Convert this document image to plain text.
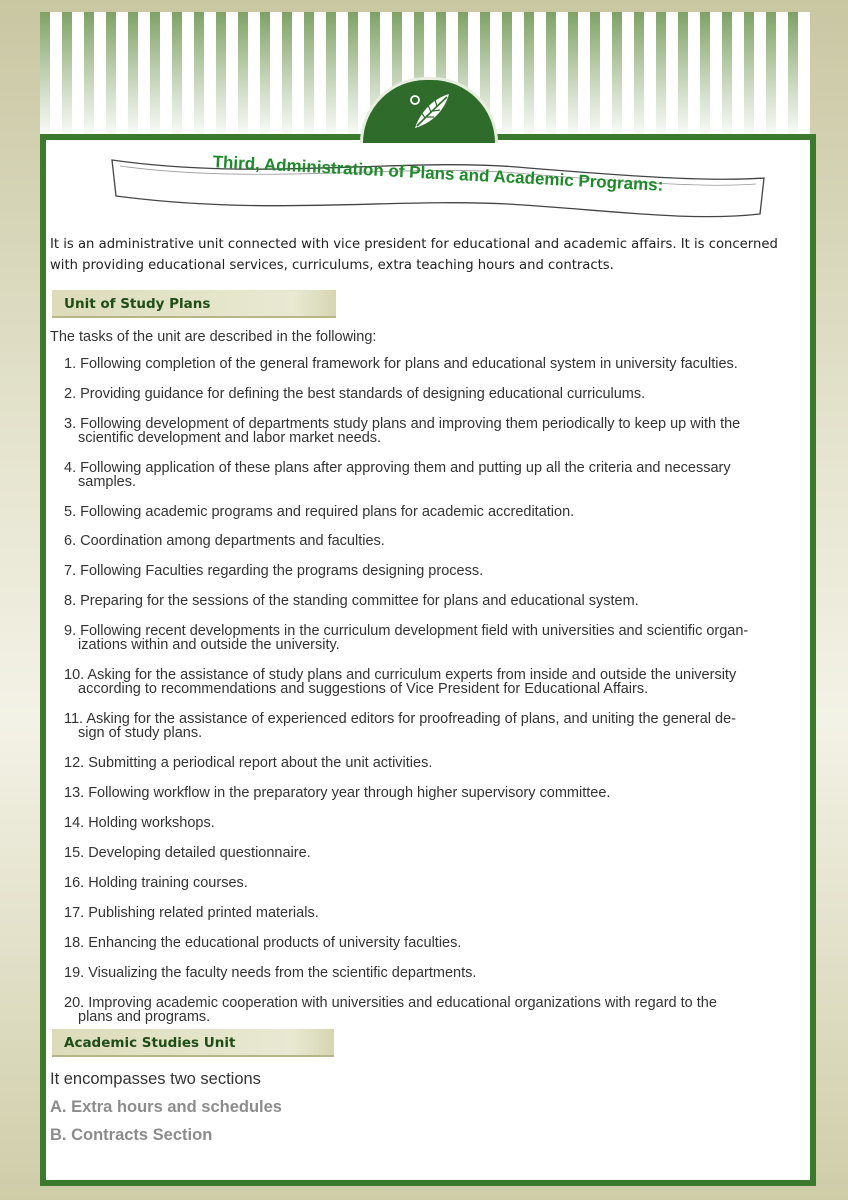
Third, Administration of Plans and Academic Programs:
It is an administrative unit connected with vice president for educational and academic affairs. It is concerned
with providing educational services, curriculums, extra teaching hours and contracts.
Unit of Study Plans
The tasks of the unit are described in the following:
1. Following completion of the general framework for plans and educational system in university faculties.
2. Providing guidance for defining the best standards of designing educational curriculums.
3. Following development of departments study plans and improving them periodically to keep up with the
scientific development and labor market needs.
4. Following application of these plans after approving them and putting up all the criteria and necessary
samples.
5. Following academic programs and required plans for academic accreditation.
6. Coordination among departments and faculties.
7. Following Faculties regarding the programs designing process.
8. Preparing for the sessions of the standing committee for plans and educational system.
9. Following recent developments in the curriculum development field with universities and scientific organ-
izations within and outside the university.
10. Asking for the assistance of study plans and curriculum experts from inside and outside the university
according to recommendations and suggestions of Vice President for Educational Affairs.
11. Asking for the assistance of experienced editors for proofreading of plans, and uniting the general de-
sign of study plans.
12. Submitting a periodical report about the unit activities.
13. Following workflow in the preparatory year through higher supervisory committee.
14. Holding workshops.
15. Developing detailed questionnaire.
16. Holding training courses.
17. Publishing related printed materials.
18. Enhancing the educational products of university faculties.
19. Visualizing the faculty needs from the scientific departments.
20. Improving academic cooperation with universities and educational organizations with regard to the
plans and programs.
Academic Studies Unit
It encompasses two sections
A. Extra hours and schedules
B. Contracts Section
